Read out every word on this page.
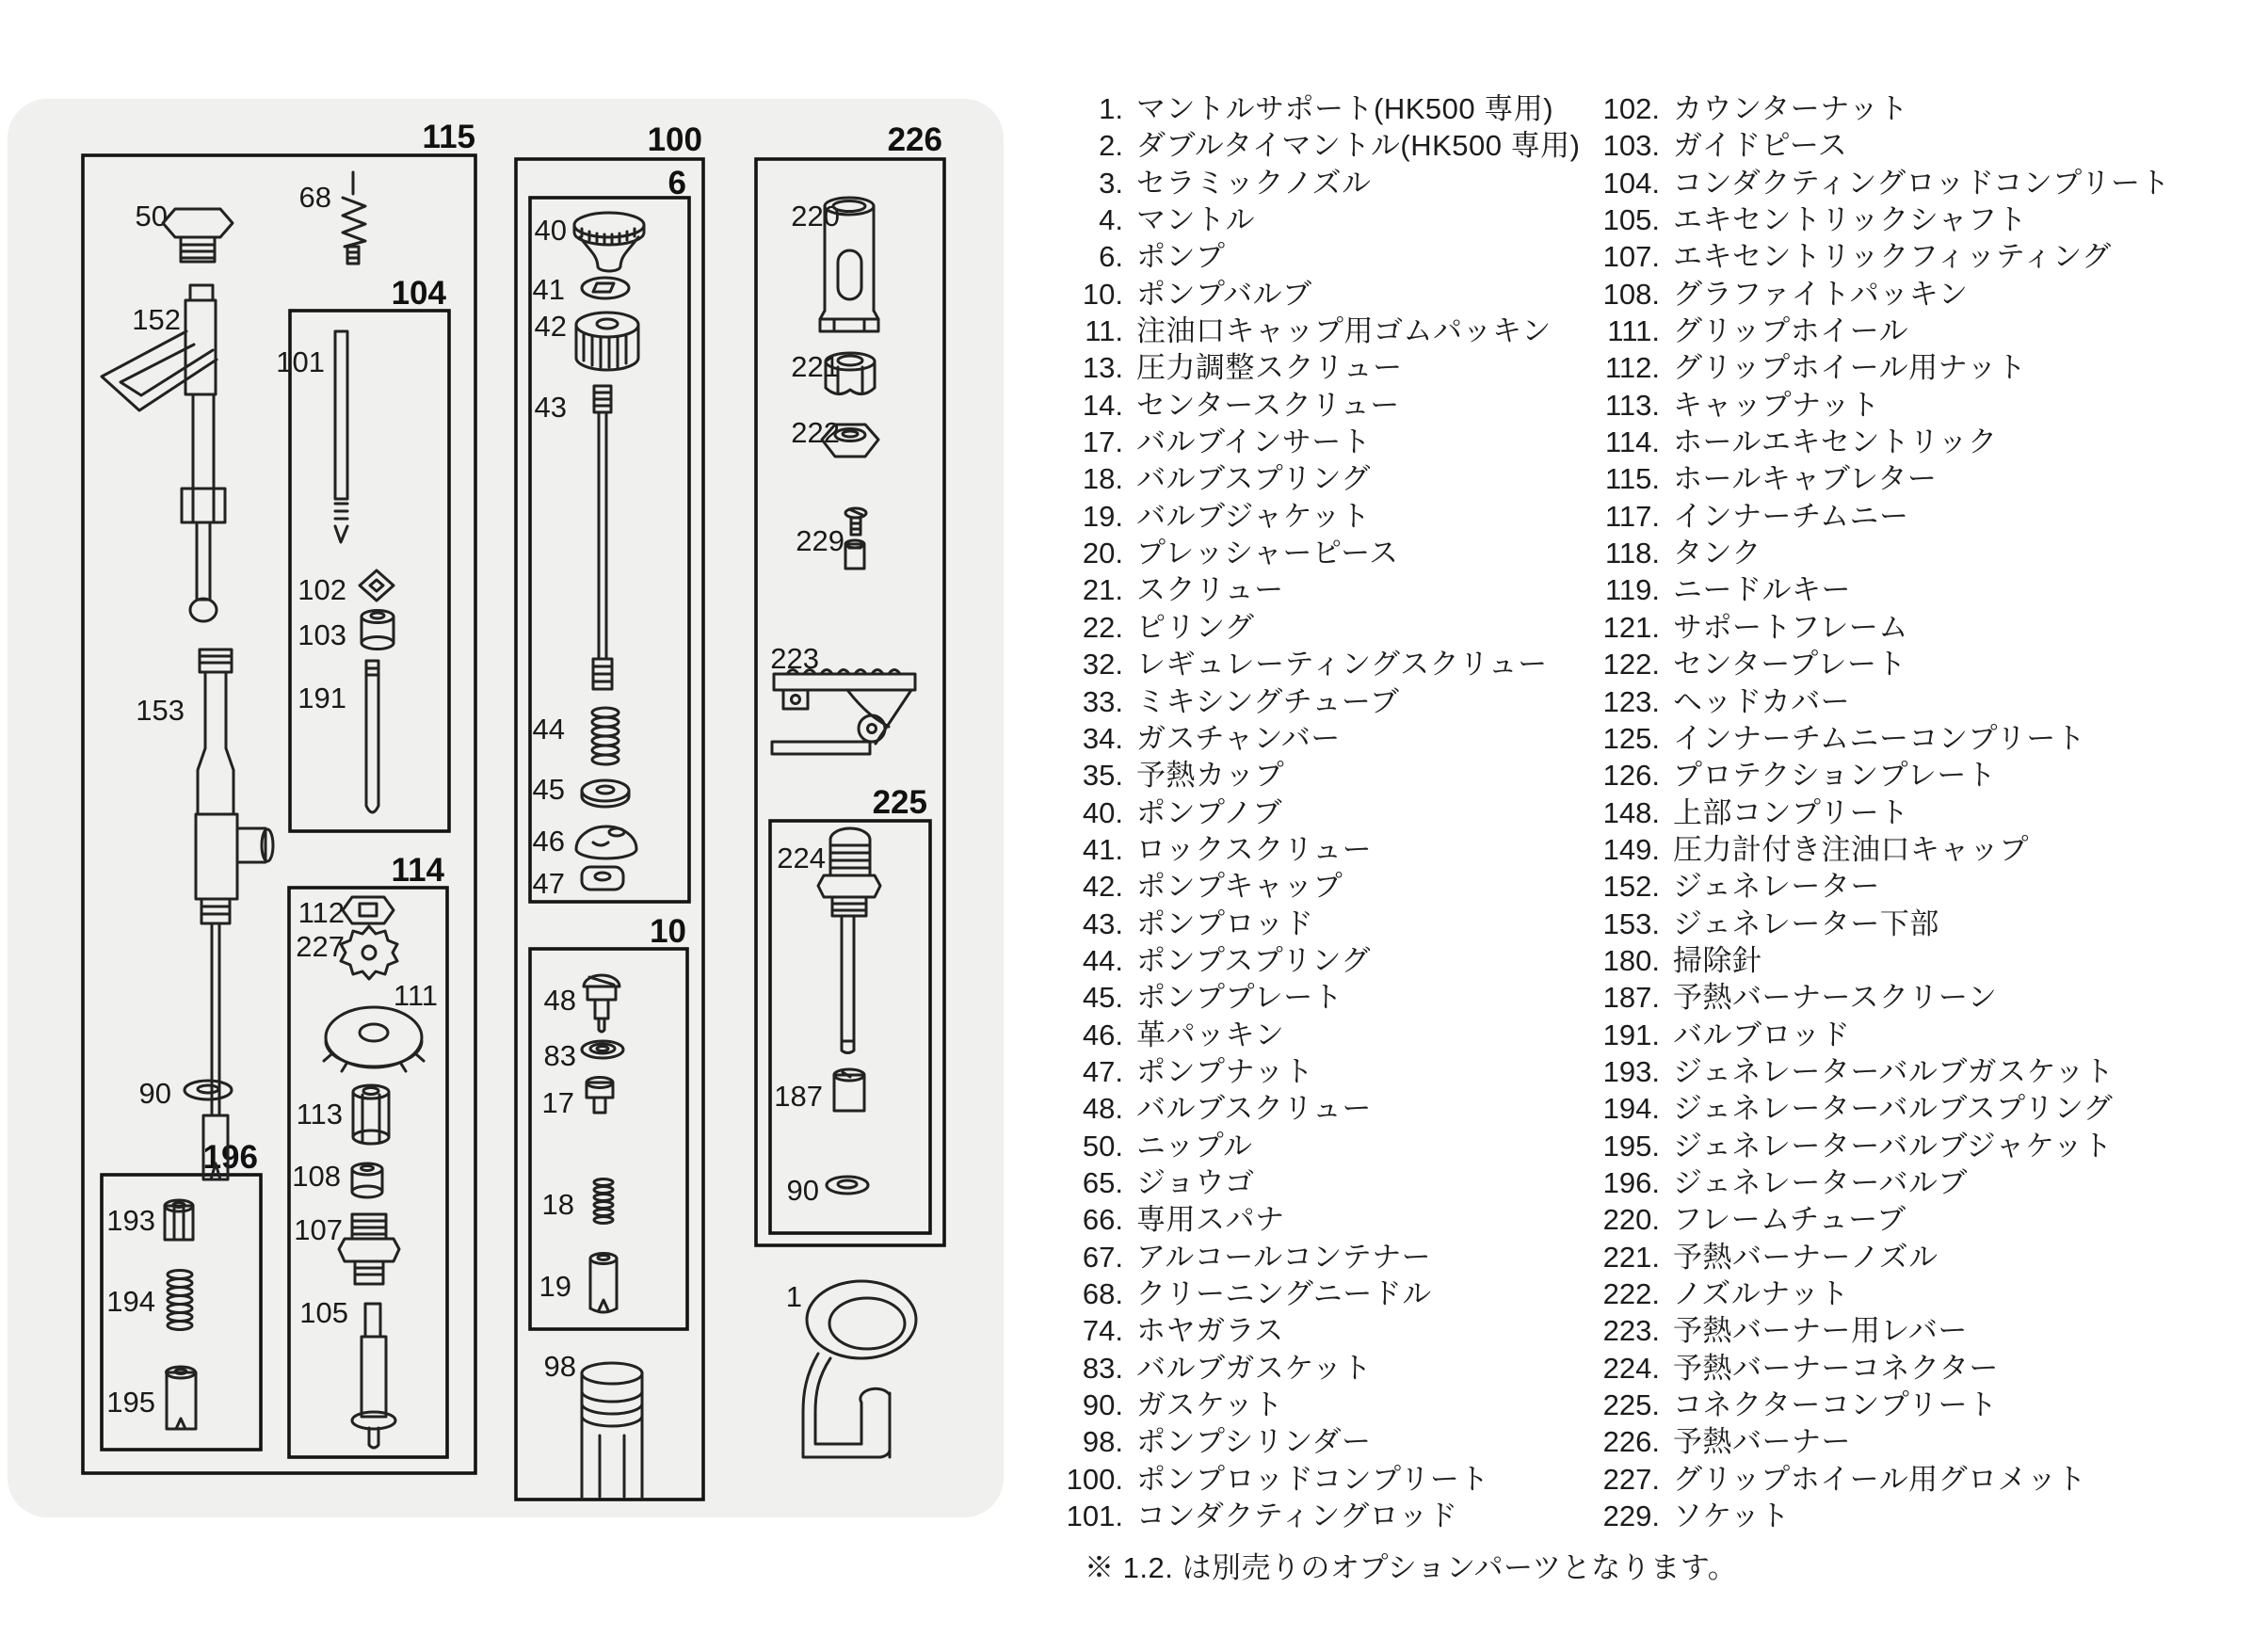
115
104
114
196
100
6
10
226
225
50
68
152
101
102
103
191
153
90
112
227
111
113
108
107
105
193
194
195
40
41
42
43
44
45
46
47
48
83
17
18
19
98
220
221
222
229
223
224
187
90
1
1. マントルサポート(HK500 専用)
2. ダブルタイマントル(HK500 専用)
3. セラミックノズル
4. マントル
6. ポンプ
10. ポンプバルブ
11. 注油口キャップ用ゴムパッキン
13. 圧力調整スクリュー
14. センタースクリュー
17. バルブインサート
18. バルブスプリング
19. バルブジャケット
20. プレッシャーピース
21. スクリュー
22. ピリング
32. レギュレーティングスクリュー
33. ミキシングチューブ
34. ガスチャンバー
35. 予熱カップ
40. ポンプノブ
41. ロックスクリュー
42. ポンプキャップ
43. ポンプロッド
44. ポンプスプリング
45. ポンププレート
46. 革パッキン
47. ポンプナット
48. バルブスクリュー
50. ニップル
65. ジョウゴ
66. 専用スパナ
67. アルコールコンテナー
68. クリーニングニードル
74. ホヤガラス
83. バルブガスケット
90. ガスケット
98. ポンプシリンダー
100. ポンプロッドコンプリート
101. コンダクティングロッド
102. カウンターナット
103. ガイドピース
104. コンダクティングロッドコンプリート
105. エキセントリックシャフト
107. エキセントリックフィッティング
108. グラファイトパッキン
111. グリップホイール
112. グリップホイール用ナット
113. キャップナット
114. ホールエキセントリック
115. ホールキャブレター
117. インナーチムニー
118. タンク
119. ニードルキー
121. サポートフレーム
122. センタープレート
123. ヘッドカバー
125. インナーチムニーコンプリート
126. プロテクションプレート
148. 上部コンプリート
149. 圧力計付き注油口キャップ
152. ジェネレーター
153. ジェネレーター下部
180. 掃除針
187. 予熱バーナースクリーン
191. バルブロッド
193. ジェネレーターバルブガスケット
194. ジェネレーターバルブスプリング
195. ジェネレーターバルブジャケット
196. ジェネレーターバルブ
220. フレームチューブ
221. 予熱バーナーノズル
222. ノズルナット
223. 予熱バーナー用レバー
224. 予熱バーナーコネクター
225. コネクターコンプリート
226. 予熱バーナー
227. グリップホイール用グロメット
229. ソケット
※ 1.2. は別売りのオプションパーツとなります。
